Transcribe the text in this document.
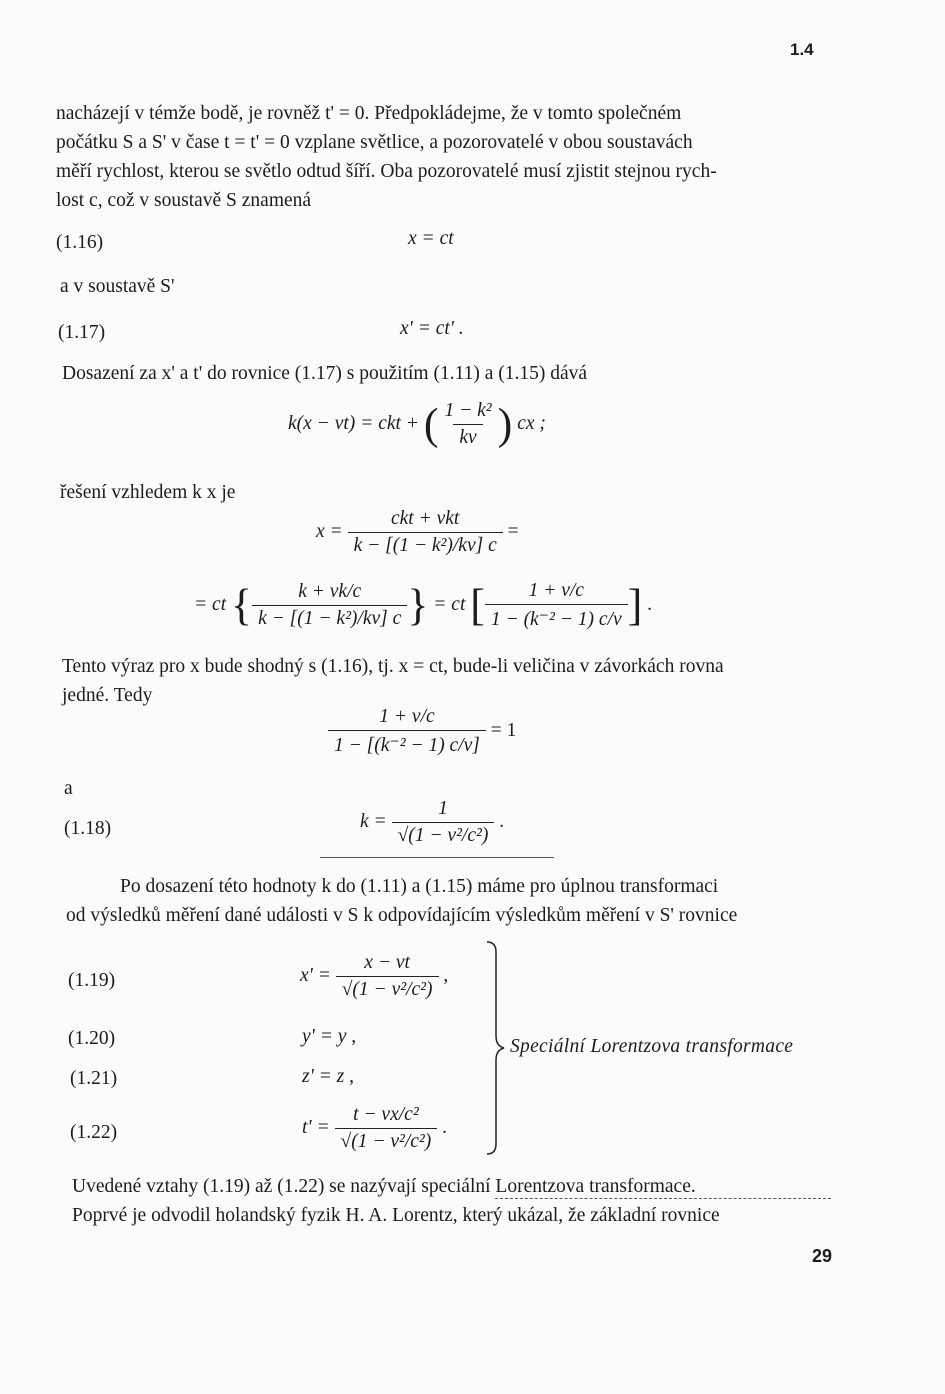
1.4
nacházejí v témže bodě, je rovněž t' = 0. Předpokládejme, že v tomto společném
počátku S a S' v čase t = t' = 0 vzplane světlice, a pozorovatelé v obou soustavách
měří rychlost, kterou se světlo odtud šíří. Oba pozorovatelé musí zjistit stejnou rych-
lost c, což v soustavě S znamená
(1.16)	x = ct
a v soustavě S'
(1.17)	x' = ct' .
Dosazení za x' a t' do rovnice (1.17) s použitím (1.11) a (1.15) dává
k(x − vt) = ckt + ( $\frac{\text{1 − k²}}{kv}$ ) cx ;
řešení vzhledem k x je
$x = \frac{\text{ckt + vkt}}{\text{k − [(1 − k²)/kv] c}}$ =
= ct { $\frac{k + vk/c}{\text{k − [(1 − k²)/kv] c}}$ } = ct [ $\frac{1 + v/c}{\text{1 − (k⁻² − 1) c/v}}$ ] .
Tento výraz pro x bude shodný s (1.16), tj. x = ct, bude-li veličina v závorkách rovna
jedné. Tedy
$\frac{1 + v/c}{\text{1 − [(k⁻² − 1) c/v]}} = 1$
a
(1.18)	$k = \frac{1}{\text{√(1 − v²/c²)}}$ .
Po dosazení této hodnoty k do (1.11) a (1.15) máme pro úplnou transformaci
od výsledků měření dané události v S k odpovídajícím výsledkům měření v S' rovnice
(1.19)	$x' = \frac{x - vt}{\text{√(1 − v²/c²)}}$ ,
(1.20)	y' = y ,
(1.21)	z' = z ,
(1.22)	$t' = \frac{\text{t − vx/c²}}{\text{√(1 − v²/c²)}}$ .
Speciální Lorentzova transformace
Uvedené vztahy (1.19) až (1.22) se nazývají speciální Lorentzova transformace.
Poprvé je odvodil holandský fyzik H. A. Lorentz, který ukázal, že základní rovnice
29
